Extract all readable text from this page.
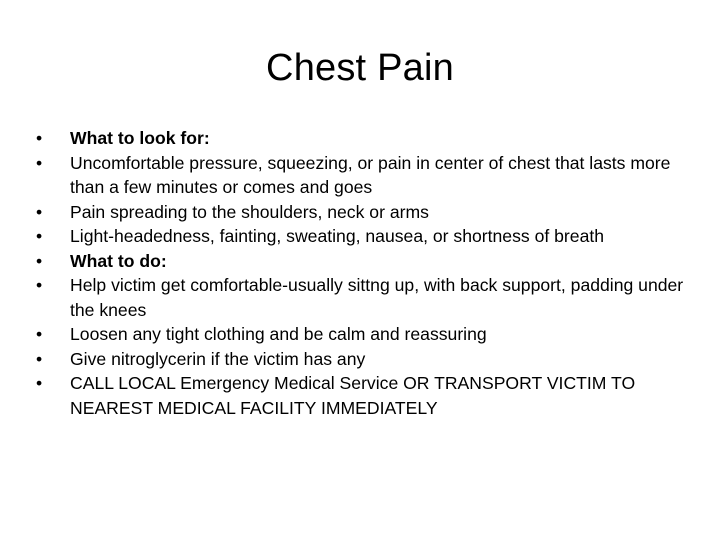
Chest Pain
• What to look for:
• Uncomfortable pressure, squeezing, or pain in center of chest that lasts more than a few minutes or comes and goes
• Pain spreading to the shoulders, neck or arms
• Light-headedness, fainting, sweating, nausea, or shortness of breath
• What to do:
• Help victim get comfortable-usually sittng up, with back support, padding under the knees
• Loosen any tight clothing and be calm and reassuring
• Give nitroglycerin if the victim has any
• CALL LOCAL Emergency Medical Service OR TRANSPORT VICTIM TO NEAREST MEDICAL FACILITY IMMEDIATELY
